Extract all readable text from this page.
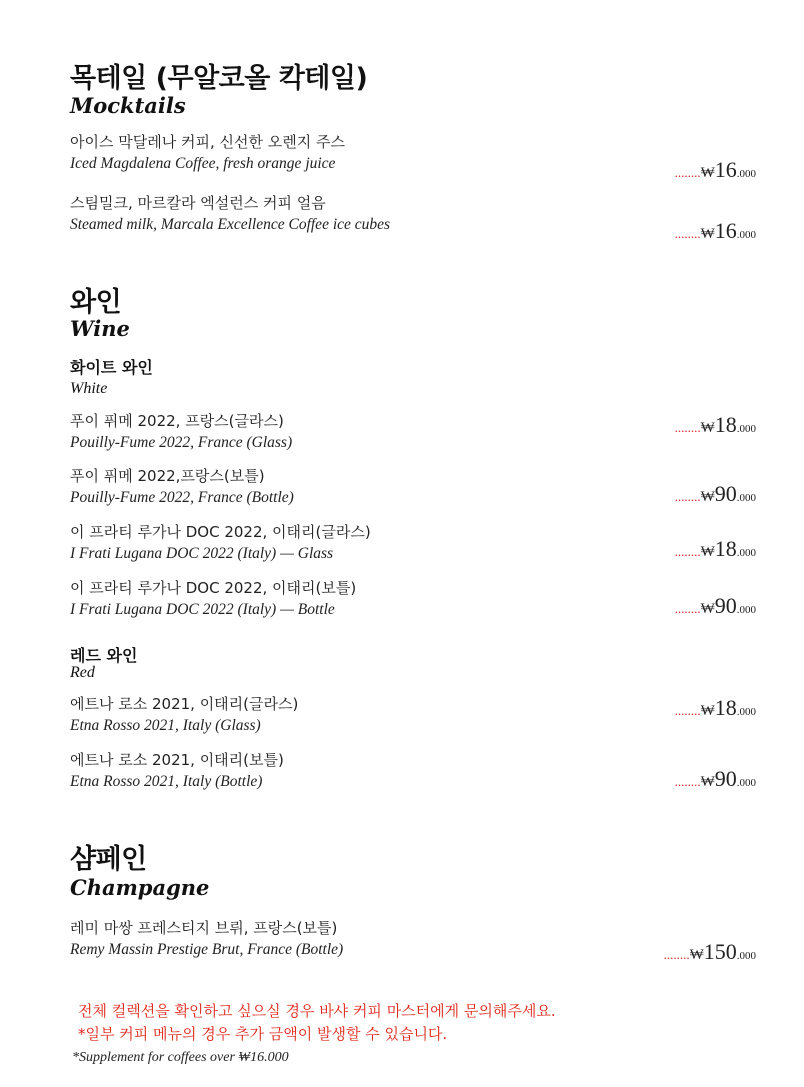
목테일 (무알코올 칵테일)
Mocktails
아이스 막달레나 커피, 신선한 오렌지 주스
Iced Magdalena Coffee, fresh orange juice
........₩16.000
스팀밀크, 마르칼라 엑설런스 커피 얼음
Steamed milk, Marcala Excellence Coffee ice cubes
........₩16.000
와인
Wine
화이트 와인
White
푸이 퓌메 2022, 프랑스(글라스)
Pouilly-Fume 2022, France (Glass)
........₩18.000
푸이 퓌메 2022,프랑스(보틀)
Pouilly-Fume 2022, France (Bottle)	........₩90.000
이 프라티 루가나 DOC 2022, 이태리(글라스)
I Frati Lugana DOC 2022 (Italy) — Glass	........₩18.000
이 프라티 루가나 DOC 2022, 이태리(보틀)
I Frati Lugana DOC 2022 (Italy) — Bottle	........₩90.000
레드 와인
Red
에트나 로소 2021, 이태리(글라스)
Etna Rosso 2021, Italy (Glass)
........₩18.000
에트나 로소 2021, 이태리(보틀)
Etna Rosso 2021, Italy (Bottle)	........₩90.000
샴페인
Champagne
레미 마쌍 프레스티지 브뤼, 프랑스(보틀)
Remy Massin Prestige Brut, France (Bottle)	........₩150.000
전체 컬렉션을 확인하고 싶으실 경우 바샤 커피 마스터에게 문의해주세요.
*일부 커피 메뉴의 경우 추가 금액이 발생할 수 있습니다.
*Supplement for coffees over ₩16.000
